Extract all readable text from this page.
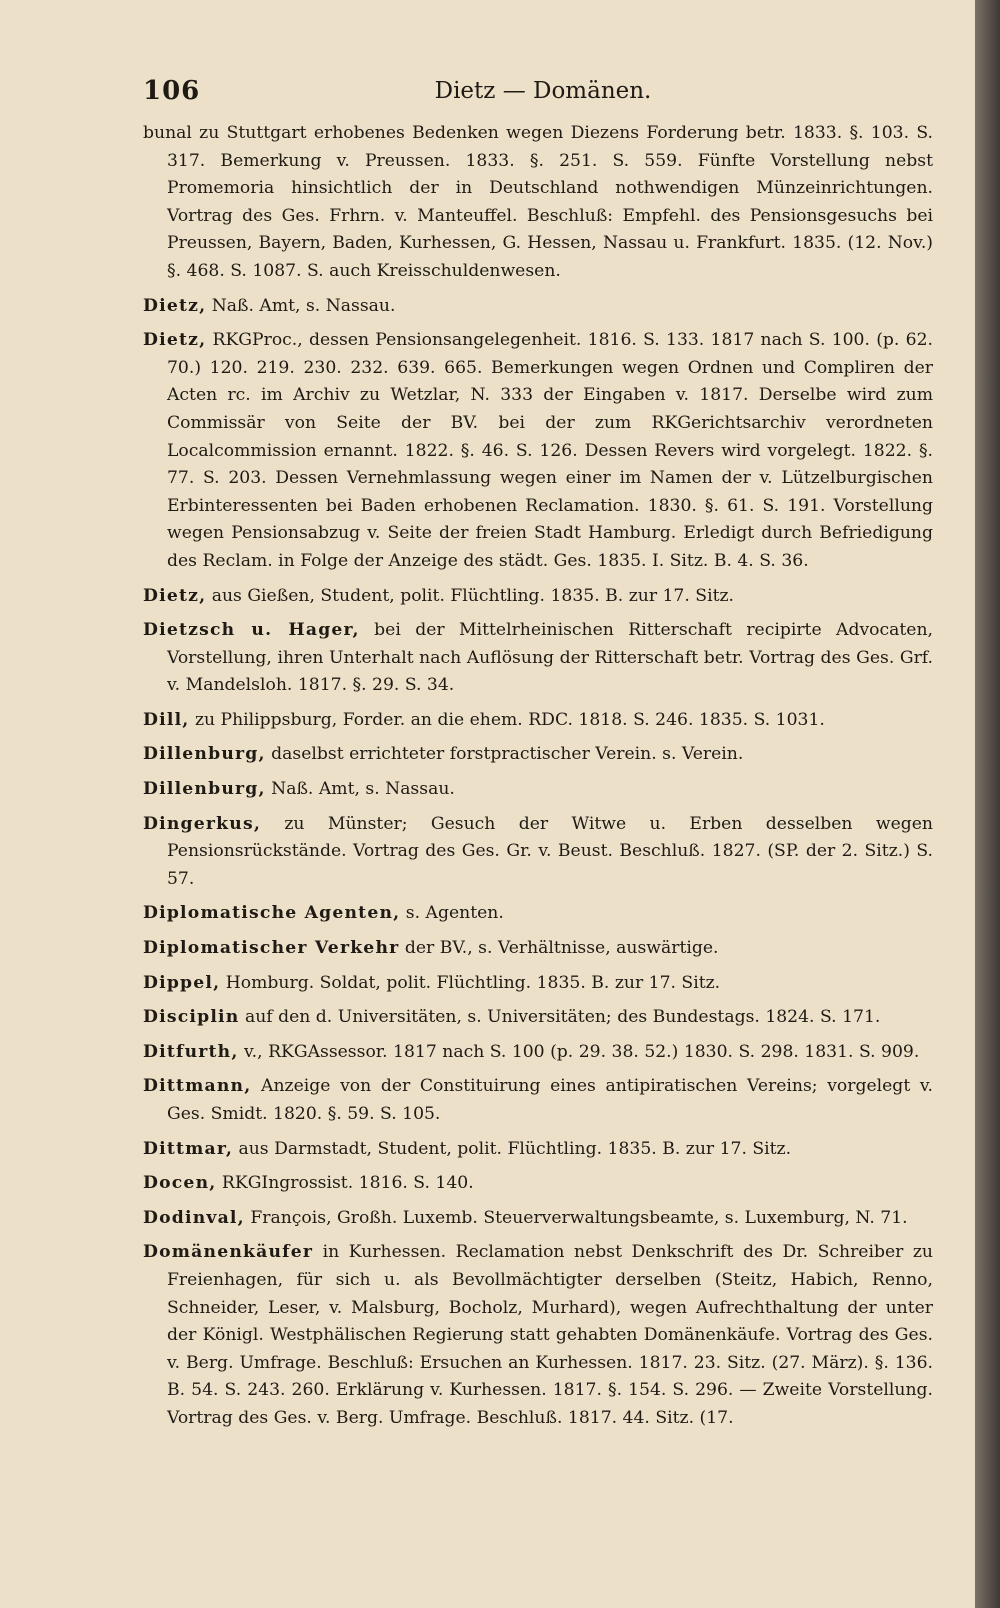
106	Dietz — Domänen.

bunal zu Stuttgart erhobenes Bedenken wegen Diezens Forderung betr. 1833. §. 103. S. 317. Bemerkung v. Preussen. 1833. §. 251. S. 559. Fünfte Vorstellung nebst Promemoria hinsichtlich der in Deutschland nothwendigen Münzeinrichtungen. Vortrag des Ges. Frhrn. v. Manteuffel. Beschluß: Empfehl. des Pensionsgesuchs bei Preussen, Bayern, Baden, Kurhessen, G. Hessen, Nassau u. Frankfurt. 1835. (12. Nov.) §. 468. S. 1087. S. auch Kreisschuldenwesen.

Dietz, Naß. Amt, s. Nassau.

Dietz, RKGProc., dessen Pensionsangelegenheit. 1816. S. 133. 1817 nach S. 100. (p. 62. 70.) 120. 219. 230. 232. 639. 665. Bemerkungen wegen Ordnen und Compliren der Acten rc. im Archiv zu Wetzlar, N. 333 der Eingaben v. 1817. Derselbe wird zum Commissär von Seite der BV. bei der zum RKGerichtsarchiv verordneten Localcommission ernannt. 1822. §. 46. S. 126. Dessen Revers wird vorgelegt. 1822. §. 77. S. 203. Dessen Vernehmlassung wegen einer im Namen der v. Lützelburgischen Erbinteressenten bei Baden erhobenen Reclamation. 1830. §. 61. S. 191. Vorstellung wegen Pensionsabzug v. Seite der freien Stadt Hamburg. Erledigt durch Befriedigung des Reclam. in Folge der Anzeige des städt. Ges. 1835. I. Sitz. B. 4. S. 36.

Dietz, aus Gießen, Student, polit. Flüchtling. 1835. B. zur 17. Sitz.

Dietzsch u. Hager, bei der Mittelrheinischen Ritterschaft recipirte Advocaten, Vorstellung, ihren Unterhalt nach Auflösung der Ritterschaft betr. Vortrag des Ges. Grf. v. Mandelsloh. 1817. §. 29. S. 34.

Dill, zu Philippsburg, Forder. an die ehem. RDC. 1818. S. 246. 1835. S. 1031.

Dillenburg, daselbst errichteter forstpractischer Verein. s. Verein.

Dillenburg, Naß. Amt, s. Nassau.

Dingerkus, zu Münster; Gesuch der Witwe u. Erben desselben wegen Pensionsrückstände. Vortrag des Ges. Gr. v. Beust. Beschluß. 1827. (SP. der 2. Sitz.) S. 57.

Diplomatische Agenten, s. Agenten.

Diplomatischer Verkehr der BV., s. Verhältnisse, auswärtige.

Dippel, Homburg. Soldat, polit. Flüchtling. 1835. B. zur 17. Sitz.

Disciplin auf den d. Universitäten, s. Universitäten; des Bundestags. 1824. S. 171.

Ditfurth, v., RKGAssessor. 1817 nach S. 100 (p. 29. 38. 52.) 1830. S. 298. 1831. S. 909.

Dittmann, Anzeige von der Constituirung eines antipiratischen Vereins; vorgelegt v. Ges. Smidt. 1820. §. 59. S. 105.

Dittmar, aus Darmstadt, Student, polit. Flüchtling. 1835. B. zur 17. Sitz.

Docen, RKGIngrossist. 1816. S. 140.

Dodinval, François, Großh. Luxemb. Steuerverwaltungsbeamte, s. Luxemburg, N. 71.

Domänenkäufer in Kurhessen. Reclamation nebst Denkschrift des Dr. Schreiber zu Freienhagen, für sich u. als Bevollmächtigter derselben (Steitz, Habich, Renno, Schneider, Leser, v. Malsburg, Bocholz, Murhard), wegen Aufrechthaltung der unter der Königl. Westphälischen Regierung statt gehabten Domänenkäufe. Vortrag des Ges. v. Berg. Umfrage. Beschluß: Ersuchen an Kurhessen. 1817. 23. Sitz. (27. März). §. 136. B. 54. S. 243. 260. Erklärung v. Kurhessen. 1817. §. 154. S. 296. — Zweite Vorstellung. Vortrag des Ges. v. Berg. Umfrage. Beschluß. 1817. 44. Sitz. (17.
